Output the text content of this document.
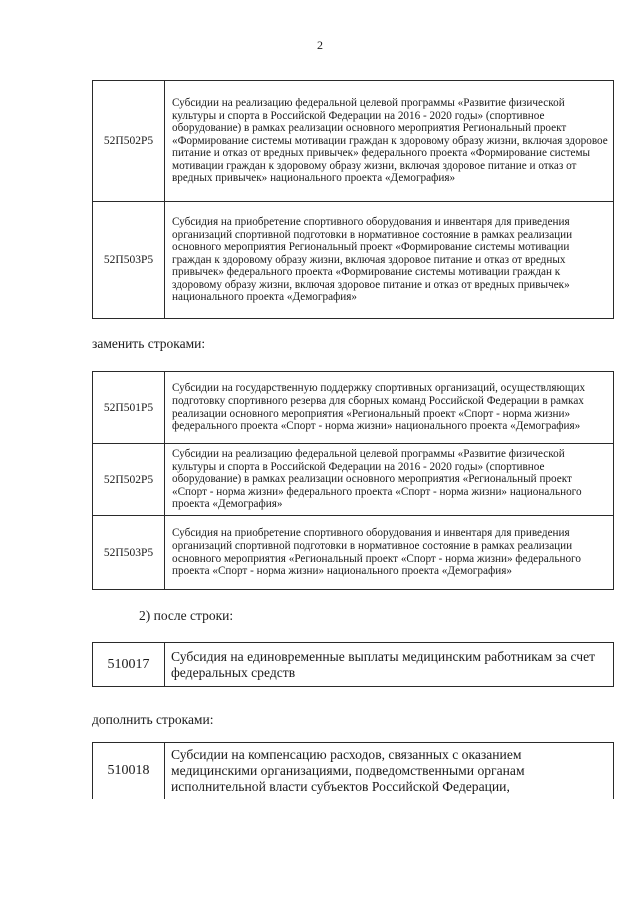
2
52П502Р5	Субсидии на реализацию федеральной целевой программы «Развитие физической культуры и спорта в Российской Федерации на 2016 - 2020 годы» (спортивное оборудование) в рамках реализации основного мероприятия Региональный проект «Формирование системы мотивации граждан к здоровому образу жизни, включая здоровое питание и отказ от вредных привычек» федерального проекта «Формирование системы мотивации граждан к здоровому образу жизни, включая здоровое питание и отказ от вредных привычек» национального проекта «Демография»
52П503Р5	Субсидия на приобретение спортивного оборудования и инвентаря для приведения организаций спортивной подготовки в нормативное состояние в рамках реализации основного мероприятия Региональный проект «Формирование системы мотивации граждан к здоровому образу жизни, включая здоровое питание и отказ от вредных привычек» федерального проекта «Формирование системы мотивации граждан к здоровому образу жизни, включая здоровое питание и отказ от вредных привычек» национального проекта «Демография»
заменить строками:
52П501Р5	Субсидии на государственную поддержку спортивных организаций, осуществляющих подготовку спортивного резерва для сборных команд Российской Федерации в рамках реализации основного мероприятия «Региональный проект «Спорт - норма жизни» федерального проекта «Спорт - норма жизни» национального проекта «Демография»
52П502Р5	Субсидии на реализацию федеральной целевой программы «Развитие физической культуры и спорта в Российской Федерации на 2016 - 2020 годы» (спортивное оборудование) в рамках реализации основного мероприятия «Региональный проект «Спорт - норма жизни» федерального проекта «Спорт - норма жизни» национального проекта «Демография»
52П503Р5	Субсидия на приобретение спортивного оборудования и инвентаря для приведения организаций спортивной подготовки в нормативное состояние в рамках реализации основного мероприятия «Региональный проект «Спорт - норма жизни» федерального проекта «Спорт - норма жизни» национального проекта «Демография»
2) после строки:
510017	Субсидия на единовременные выплаты медицинским работникам за счет федеральных средств
дополнить строками:
510018	Субсидии на компенсацию расходов, связанных с оказанием медицинскими организациями, подведомственными органам исполнительной власти субъектов Российской Федерации,
